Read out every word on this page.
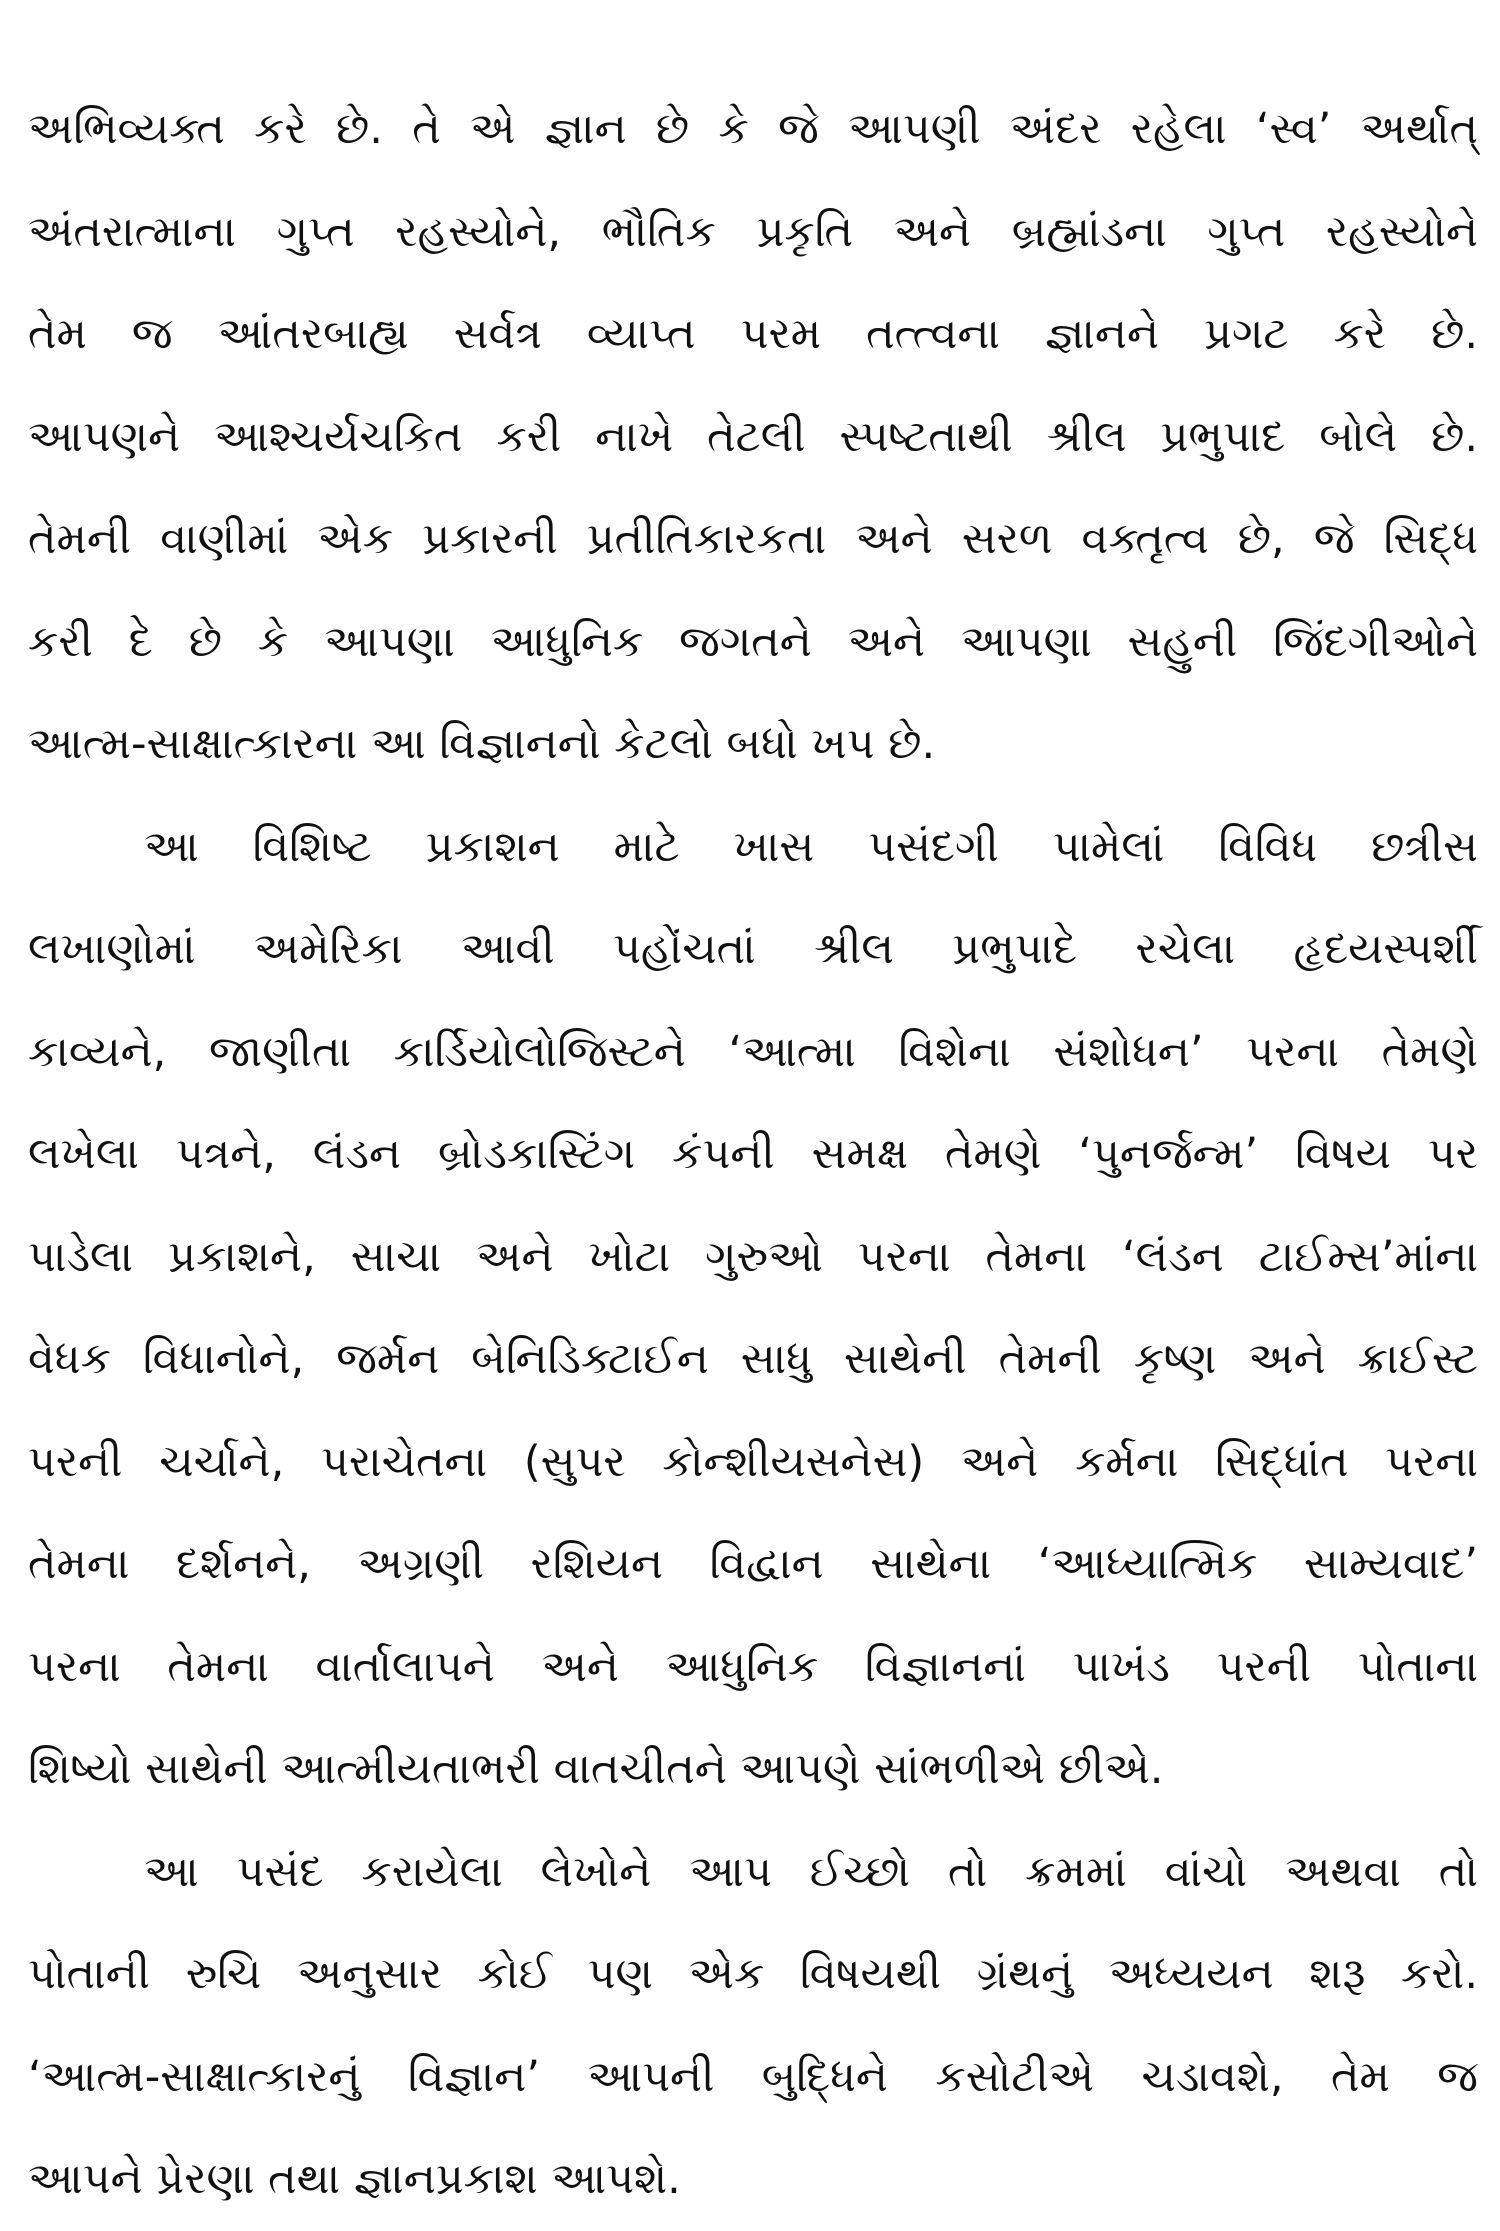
અભિવ્યક્ત કરે છે. તે એ જ્ઞાન છે કે જે આપણી અંદર રહેલા ‘સ્વ’ અર્થાત્
અંતરાત્માના ગુપ્ત રહસ્યોને, ભૌતિક પ્રકૃતિ અને બ્રહ્માંડના ગુપ્ત રહસ્યોને
તેમ જ આંતરબાહ્ય સર્વત્ર વ્યાપ્ત પરમ તત્ત્વના જ્ઞાનને પ્રગટ કરે છે.
આપણને આશ્ચર્યચકિત કરી નાખે તેટલી સ્પષ્ટતાથી શ્રીલ પ્રભુપાદ બોલે છે.
તેમની વાણીમાં એક પ્રકારની પ્રતીતિકારકતા અને સરળ વક્તૃત્વ છે, જે સિદ્ધ
કરી દે છે કે આપણા આધુનિક જગતને અને આપણા સહુની જિંદગીઓને
આત્મ-સાક્ષાત્કારના આ વિજ્ઞાનનો કેટલો બધો ખપ છે.
આ વિશિષ્ટ પ્રકાશન માટે ખાસ પસંદગી પામેલાં વિવિધ છત્રીસ
લખાણોમાં અમેરિકા આવી પહોંચતાં શ્રીલ પ્રભુપાદે રચેલા હૃદયસ્પર્શી
કાવ્યને, જાણીતા કાર્ડિયોલોજિસ્ટને ‘આત્મા વિશેના સંશોધન’ પરના તેમણે
લખેલા પત્રને, લંડન બ્રોડકાસ્ટિંગ કંપની સમક્ષ તેમણે ‘પુનર્જન્મ’ વિષય પર
પાડેલા પ્રકાશને, સાચા અને ખોટા ગુરુઓ પરના તેમના ‘લંડન ટાઈમ્સ’માંના
વેધક વિધાનોને, જર્મન બેનિડિક્ટાઈન સાધુ સાથેની તેમની કૃષ્ણ અને ક્રાઈસ્ટ
પરની ચર્ચાને, પરાચેતના (સુપર કોન્શીયસનેસ) અને કર્મના સિદ્ધાંત પરના
તેમના દર્શનને, અગ્રણી રશિયન વિદ્વાન સાથેના ‘આધ્યાત્મિક સામ્યવાદ’
પરના તેમના વાર્તાલાપને અને આધુનિક વિજ્ઞાનનાં પાખંડ પરની પોતાના
શિષ્યો સાથેની આત્મીયતાભરી વાતચીતને આપણે સાંભળીએ છીએ.
આ પસંદ કરાયેલા લેખોને આપ ઈચ્છો તો ક્રમમાં વાંચો અથવા તો
પોતાની રુચિ અનુસાર કોઈ પણ એક વિષયથી ગ્રંથનું અધ્યયન શરૂ કરો.
‘આત્મ-સાક્ષાત્કારનું વિજ્ઞાન’ આપની બુદ્ધિને કસોટીએ ચડાવશે, તેમ જ
આપને પ્રેરણા તથા જ્ઞાનપ્રકાશ આપશે.
